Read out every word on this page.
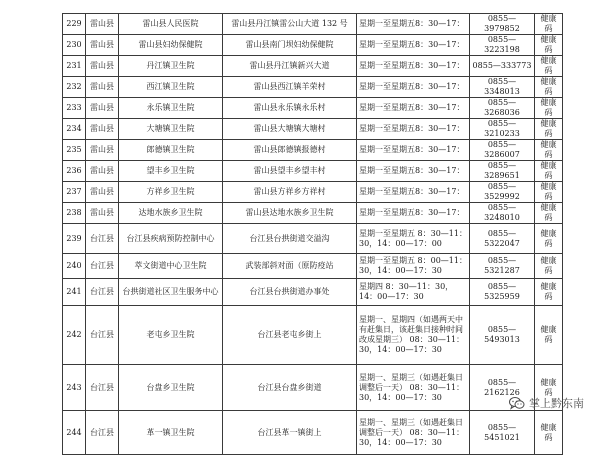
229	雷山县	雷山县人民医院	雷山县丹江镇雷公山大道 132 号	星期一至星期五8：30—17：	0855—3979852	健康码
230	雷山县	雷山县妇幼保健院	雷山县南门坝妇幼保健院	星期一至星期五8：30—17：	0855—3223198	健康码
231	雷山县	丹江镇卫生院	雷山县丹江镇新兴大道	星期一至星期五8：30—17：	0855—333773	健康码
232	雷山县	西江镇卫生院	雷山县西江镇羊荣村	星期一至星期五8：30—17：	0855—3348013	健康码
233	雷山县	永乐镇卫生院	雷山县永乐镇永乐村	星期一至星期五8：30—17：	0855—3268036	健康码
234	雷山县	大塘镇卫生院	雷山县大塘镇大塘村	星期一至星期五8：30—17：	0855—3210233	健康码
235	雷山县	郎德镇卫生院	雷山县郎德镇报德村	星期一至星期五8：30—17：	0855—3286007	健康码
236	雷山县	望丰乡卫生院	雷山县望丰乡望丰村	星期一至星期五8：30—17：	0855—3289651	健康码
237	雷山县	方祥乡卫生院	雷山县方祥乡方祥村	星期一至星期五8：30—17：	0855—3529992	健康码
238	雷山县	达地水族乡卫生院	雷山县达地水族乡卫生院	星期一至星期五8：30—17：	0855—3248010	健康码
239	台江县	台江县疾病预防控制中心	台江县台拱街道交溢沟	星期一至星期五 8：30—11：30，14：00—17：00	0855—5322047	健康码
240	台江县	萃文街道中心卫生院	武装部斜对面（原防疫站	星期一至星期五 8：00—11：30，14：00—17：30	0855—5321287	健康码
241	台江县	台拱街道社区卫生服务中心	台江县台拱街道办事处	星期四 8：30—11：30，14：00—17：30	0855—5325959	健康码
242	台江县	老屯乡卫生院	台江县老屯乡街上	星期一、星期四（如遇两天中有赶集日，该赶集日接种时间改成星期三） 08：30—11：30，14：00—17：30	0855—5493013	健康码
243	台江县	台盘乡卫生院	台江县台盘乡街道	星期一、星期三（如遇赶集日调整后一天） 08：30—11：30，14：00—17：30	0855—2162126	健康码
244	台江县	革一镇卫生院	台江县革一镇街上	星期一、星期三（如遇赶集日调整后一天） 08：30—11：30，14：00—17：30	0855—5451021	健康码
掌上黔东南
